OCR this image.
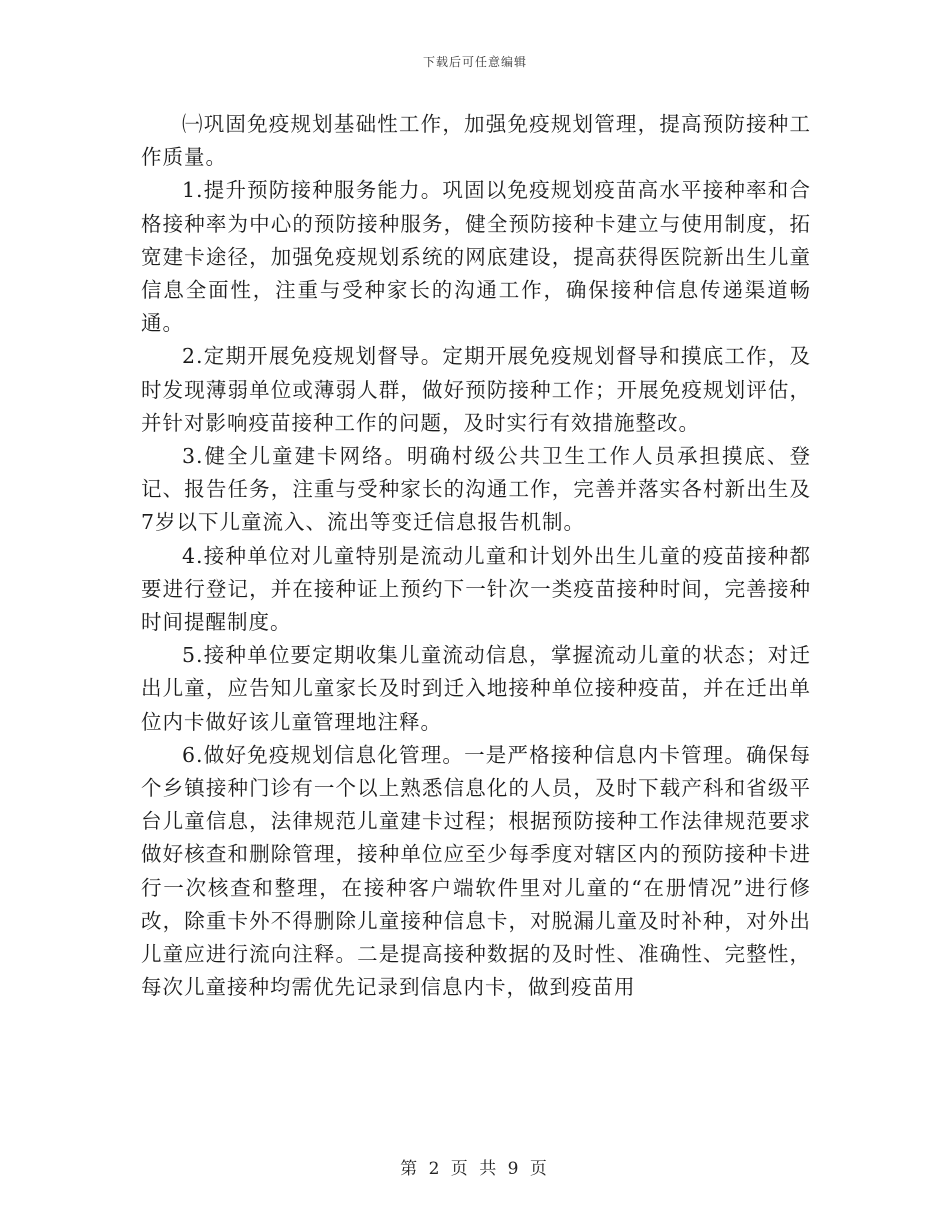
下载后可任意编辑

㈠巩固免疫规划基础性工作，加强免疫规划管理，提高预防接种工作质量。

1.提升预防接种服务能力。巩固以免疫规划疫苗高水平接种率和合格接种率为中心的预防接种服务，健全预防接种卡建立与使用制度，拓宽建卡途径，加强免疫规划系统的网底建设，提高获得医院新出生儿童信息全面性，注重与受种家长的沟通工作，确保接种信息传递渠道畅通。

2.定期开展免疫规划督导。定期开展免疫规划督导和摸底工作，及时发现薄弱单位或薄弱人群，做好预防接种工作；开展免疫规划评估，并针对影响疫苗接种工作的问题，及时实行有效措施整改。

3.健全儿童建卡网络。明确村级公共卫生工作人员承担摸底、登记、报告任务，注重与受种家长的沟通工作，完善并落实各村新出生及7岁以下儿童流入、流出等变迁信息报告机制。

4.接种单位对儿童特别是流动儿童和计划外出生儿童的疫苗接种都要进行登记，并在接种证上预约下一针次一类疫苗接种时间，完善接种时间提醒制度。

5.接种单位要定期收集儿童流动信息，掌握流动儿童的状态；对迁出儿童，应告知儿童家长及时到迁入地接种单位接种疫苗，并在迁出单位内卡做好该儿童管理地注释。

6.做好免疫规划信息化管理。一是严格接种信息内卡管理。确保每个乡镇接种门诊有一个以上熟悉信息化的人员，及时下载产科和省级平台儿童信息，法律规范儿童建卡过程；根据预防接种工作法律规范要求做好核查和删除管理，接种单位应至少每季度对辖区内的预防接种卡进行一次核查和整理，在接种客户端软件里对儿童的“在册情况”进行修改，除重卡外不得删除儿童接种信息卡，对脱漏儿童及时补种，对外出儿童应进行流向注释。二是提高接种数据的及时性、准确性、完整性，每次儿童接种均需优先记录到信息内卡，做到疫苗用

第 2 页 共 9 页
